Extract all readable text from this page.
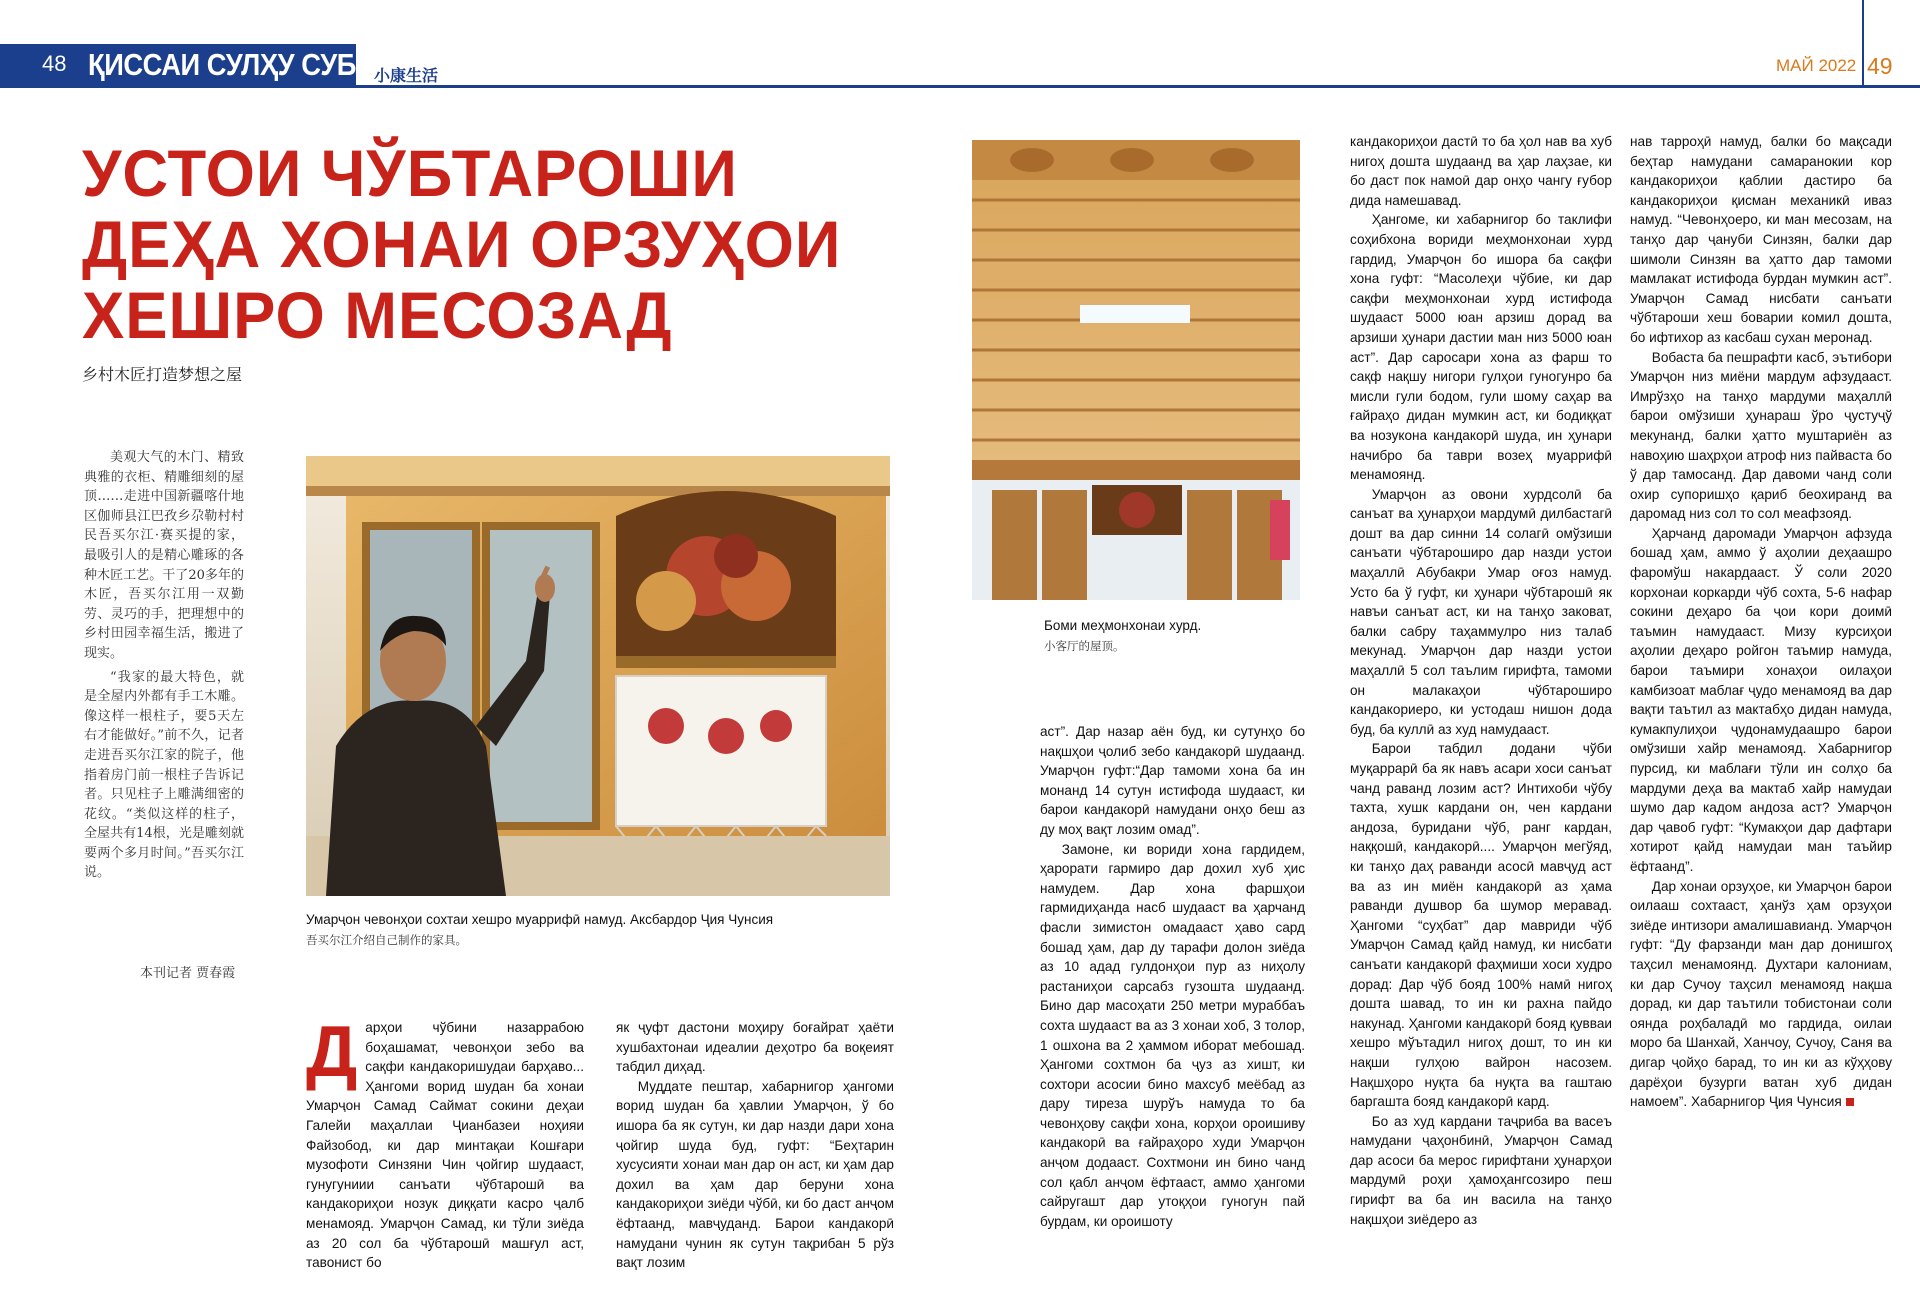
48 ҚИССАИ СУЛҲУ СУБОТ
小康生活
МАЙ 2022 49
УСТОИ ЧЎБТАРОШИ
ДЕҲА ХОНАИ ОРЗУҲОИ
ХЕШРО МЕСОЗАД
乡村木匠打造梦想之屋

美观大气的木门、精致典雅的衣柜、精雕细刻的屋顶……走进中国新疆喀什地区伽师县江巴孜乡尕勒村村民吾买尔江·赛买提的家，最吸引人的是精心雕琢的各种木匠工艺。干了20多年的木匠，吾买尔江用一双勤劳、灵巧的手，把理想中的乡村田园幸福生活，搬进了现实。

“我家的最大特色，就是全屋内外都有手工木雕。像这样一根柱子，要5天左右才能做好。”前不久，记者走进吾买尔江家的院子，他指着房门前一根柱子告诉记者。只见柱子上雕满细密的花纹。“类似这样的柱子，全屋共有14根，光是雕刻就要两个多月时间。”吾买尔江说。

本刊记者 贾春霞
Умарҷон чевонҳои сохтаи хешро муаррифӣ намуд. Аксбардор Ҷия Чунсия
吾买尔江介绍自己制作的家具。
Боми меҳмонхонаи хурд.
小客厅的屋顶。
Д арҳои чўбини назаррабою боҳашамат, чевонҳои зебо ва сақфи кандакоришудаи барҳаво... Ҳангоми ворид шудан ба хонаи Умарҷон Самад Саймат сокини деҳаи Галейи маҳаллаи Ҷианбазеи ноҳияи Файзобод, ки дар минтақаи Кошғари музофоти Синзяни Чин ҷойгир шудааст, гунугуниии санъати чўбтарошӣ ва кандакориҳои нозук диққати касро ҷалб менамояд. Умарҷон Самад, ки тўли зиёда аз 20 сол ба чўбтарошӣ машғул аст, тавонист бо

як ҷуфт дастони моҳиру боғайрат ҳаёти хушбахтонаи идеалии деҳотро ба воқеият табдил диҳад.

Муддате пештар, хабарнигор ҳангоми ворид шудан ба ҳавлии Умарҷон, ў бо ишора ба як сутун, ки дар назди дари хона ҷойгир шуда буд, гуфт: “Беҳтарин хусусияти хонаи ман дар он аст, ки ҳам дар дохил ва ҳам дар беруни хона кандакориҳои зиёди чўбӣ, ки бо даст анҷом ёфтаанд, мавҷуданд. Барои кандакорӣ намудани чунин як сутун тақрибан 5 рўз вақт лозим

аст”. Дар назар аён буд, ки сутунҳо бо нақшҳои ҷолиб зебо кандакорӣ шудаанд. Умарҷон гуфт:“Дар тамоми хона ба ин монанд 14 сутун истифода шудааст, ки барои кандакорӣ намудани онҳо беш аз ду моҳ вақт лозим омад”.

Замоне, ки вориди хона гардидем, ҳарорати гармиро дар дохил хуб ҳис намудем. Дар хона фаршҳои гармидиҳанда насб шудааст ва ҳарчанд фасли зимистон омадааст ҳаво сард бошад ҳам, дар ду тарафи долон зиёда аз 10 адад гулдонҳои пур аз ниҳолу растаниҳои сарсабз гузошта шудаанд. Бино дар масоҳати 250 метри мураббаъ сохта шудааст ва аз 3 хонаи хоб, 3 толор, 1 ошхона ва 2 ҳаммом иборат мебошад. Ҳангоми сохтмон ба ҷуз аз хишт, ки сохтори асосии бино махсуб меёбад аз дару тиреза шурўъ намуда то ба чевонҳову сақфи хона, корҳои ороишиву кандакорӣ ва ғайраҳоро худи Умарҷон анҷом додааст. Сохтмони ин бино чанд сол қабл анҷом ёфтааст, аммо ҳангоми сайругашт дар утоқҳои гуногун пай бурдам, ки ороишоту

кандакориҳои дастӣ то ба ҳол нав ва хуб нигоҳ дошта шудаанд ва ҳар лаҳзае, ки бо даст пок намоӣ дар онҳо чангу ғубор дида намешавад.

Ҳангоме, ки хабарнигор бо таклифи соҳибхона вориди меҳмонхонаи хурд гардид, Умарҷон бо ишора ба сақфи хона гуфт: “Масолеҳи чўбие, ки дар сақфи меҳмонхонаи хурд истифода шудааст 5000 юан арзиш дорад ва арзиши ҳунари дастии ман низ 5000 юан аст”. Дар саросари хона аз фарш то сақф нақшу нигори гулҳои гуногунро ба мисли гули бодом, гули шому саҳар ва ғайраҳо дидан мумкин аст, ки бодиққат ва нозукона кандакорӣ шуда, ин ҳунари начибро ба таври возеҳ муаррифӣ менамоянд.

Умарҷон аз овони хурдсолӣ ба санъат ва ҳунарҳои мардумӣ дилбастагӣ дошт ва дар синни 14 солагӣ омўзиши санъати чўбтароширо дар назди устои маҳаллӣ Абубакри Умар оғоз намуд. Усто ба ў гуфт, ки ҳунари чўбтарошӣ як навъи санъат аст, ки на танҳо заковат, балки сабру таҳаммулро низ талаб мекунад. Умарҷон дар назди устои маҳаллӣ 5 сол таълим гирифта, тамоми он малакаҳои чўбтароширо кандакориеро, ки устодаш нишон дода буд, ба куллӣ аз худ намудааст.

Барои табдил додани чўби муқаррарӣ ба як навъ асари хоси санъат чанд раванд лозим аст? Интихоби чўбу тахта, хушк кардани он, чен кардани андоза, буридани чўб, ранг кардан, наққошӣ, кандакорӣ.... Умарҷон мегўяд, ки танҳо даҳ раванди асосӣ мавҷуд аст ва аз ин миён кандакорӣ аз ҳама раванди душвор ба шумор меравад. Ҳангоми “суҳбат” дар мавриди чўб Умарҷон Самад қайд намуд, ки нисбати санъати кандакорӣ фаҳмиши хоси худро дорад: Дар чўб бояд 100% намӣ нигоҳ дошта шавад, то ин ки рахна пайдо накунад. Ҳангоми кандакорӣ бояд қувваи хешро мўътадил нигоҳ дошт, то ин ки нақши гулҳою вайрон насозем. Нақшҳоро нуқта ба нуқта ва гаштаю баргашта бояд кандакорӣ кард.

Бо аз худ кардани таҷриба ва васеъ намудани ҷаҳонбинӣ, Умарҷон Самад дар асоси ба мерос гирифтани ҳунарҳои мардумӣ роҳи ҳамоҳангсозиро пеш гирифт ва ба ин васила на танҳо нақшҳои зиёдеро аз

нав тарроҳӣ намуд, балки бо мақсади беҳтар намудани самаранокии кор кандакориҳои қаблии дастиро ба кандакориҳои қисман механикӣ иваз намуд. “Чевонҳоеро, ки ман месозам, на танҳо дар ҷануби Синзян, балки дар шимоли Синзян ва ҳатто дар тамоми мамлакат истифода бурдан мумкин аст”. Умарҷон Самад нисбати санъати чўбтароши хеш боварии комил дошта, бо ифтихор аз касбаш сухан меронад.

Вобаста ба пешрафти касб, эътибори Умарҷон низ миёни мардум афзудааст. Имрўзҳо на танҳо мардуми маҳаллӣ барои омўзиши ҳунараш ўро ҷустуҷў мекунанд, балки ҳатто муштариён аз навоҳию шаҳрҳои атроф низ пайваста бо ў дар тамосанд. Дар давоми чанд соли охир супоришҳо қариб беохиранд ва даромад низ сол то сол меафзояд.

Ҳарчанд даромади Умарҷон афзуда бошад ҳам, аммо ў аҳолии деҳаашро фаромўш накардааст. Ў соли 2020 корхонаи коркарди чўб сохта, 5-6 нафар сокини деҳаро ба ҷои кори доимӣ таъмин намудааст. Мизу курсиҳои аҳолии деҳаро ройгон таъмир намуда, барои таъмири хонаҳои оилаҳои камбизоат маблағ ҷудо менамояд ва дар вақти таътил аз мактабҳо дидан намуда, кумакпулиҳои ҷудонамудаашро барои омўзиши хайр менамояд. Хабарнигор пурсид, ки маблағи тўли ин солҳо ба мардуми деҳа ва мактаб хайр намудаи шумо дар кадом андоза аст? Умарҷон дар ҷавоб гуфт: “Кумакҳои дар дафтари хотирот қайд намудаи ман таъйир ёфтаанд”.

Дар хонаи орзуҳое, ки Умарҷон барои оилааш сохтааст, ҳанўз ҳам орзуҳои зиёде интизори амалишавианд. Умарҷон гуфт: “Ду фарзанди ман дар донишгоҳ таҳсил менамоянд. Духтари калониам, ки дар Сучоу таҳсил менамояд нақша дорад, ки дар таътили тобистонаи соли оянда роҳбаладӣ мо гардида, оилаи моро ба Шанхай, Ханчоу, Сучоу, Саня ва дигар ҷойҳо барад, то ин ки аз кўҳҳову дарёҳои бузурги ватан хуб дидан намоем”. Хабарнигор Ҷия Чунсия
